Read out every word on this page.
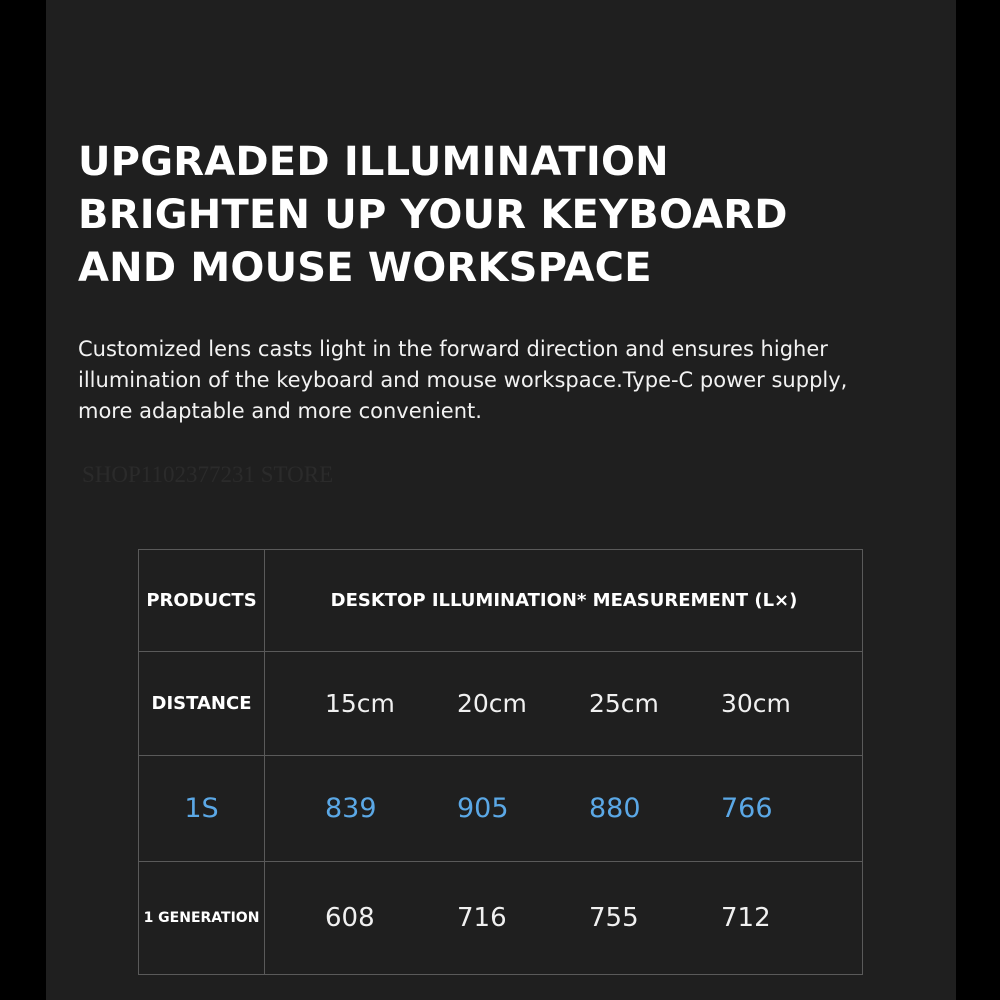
UPGRADED ILLUMINATION
BRIGHTEN UP YOUR KEYBOARD
AND MOUSE WORKSPACE

Customized lens casts light in the forward direction and ensures higher
illumination of the keyboard and mouse workspace.Type-C power supply,
more adaptable and more convenient.

SHOP1102377231 STORE
PRODUCTS	DESKTOP ILLUMINATION* MEASUREMENT (L×)
DISTANCE	15cm 20cm 25cm 30cm
1S	839	905	880	766
1 GENERATION	608	716	755	712
